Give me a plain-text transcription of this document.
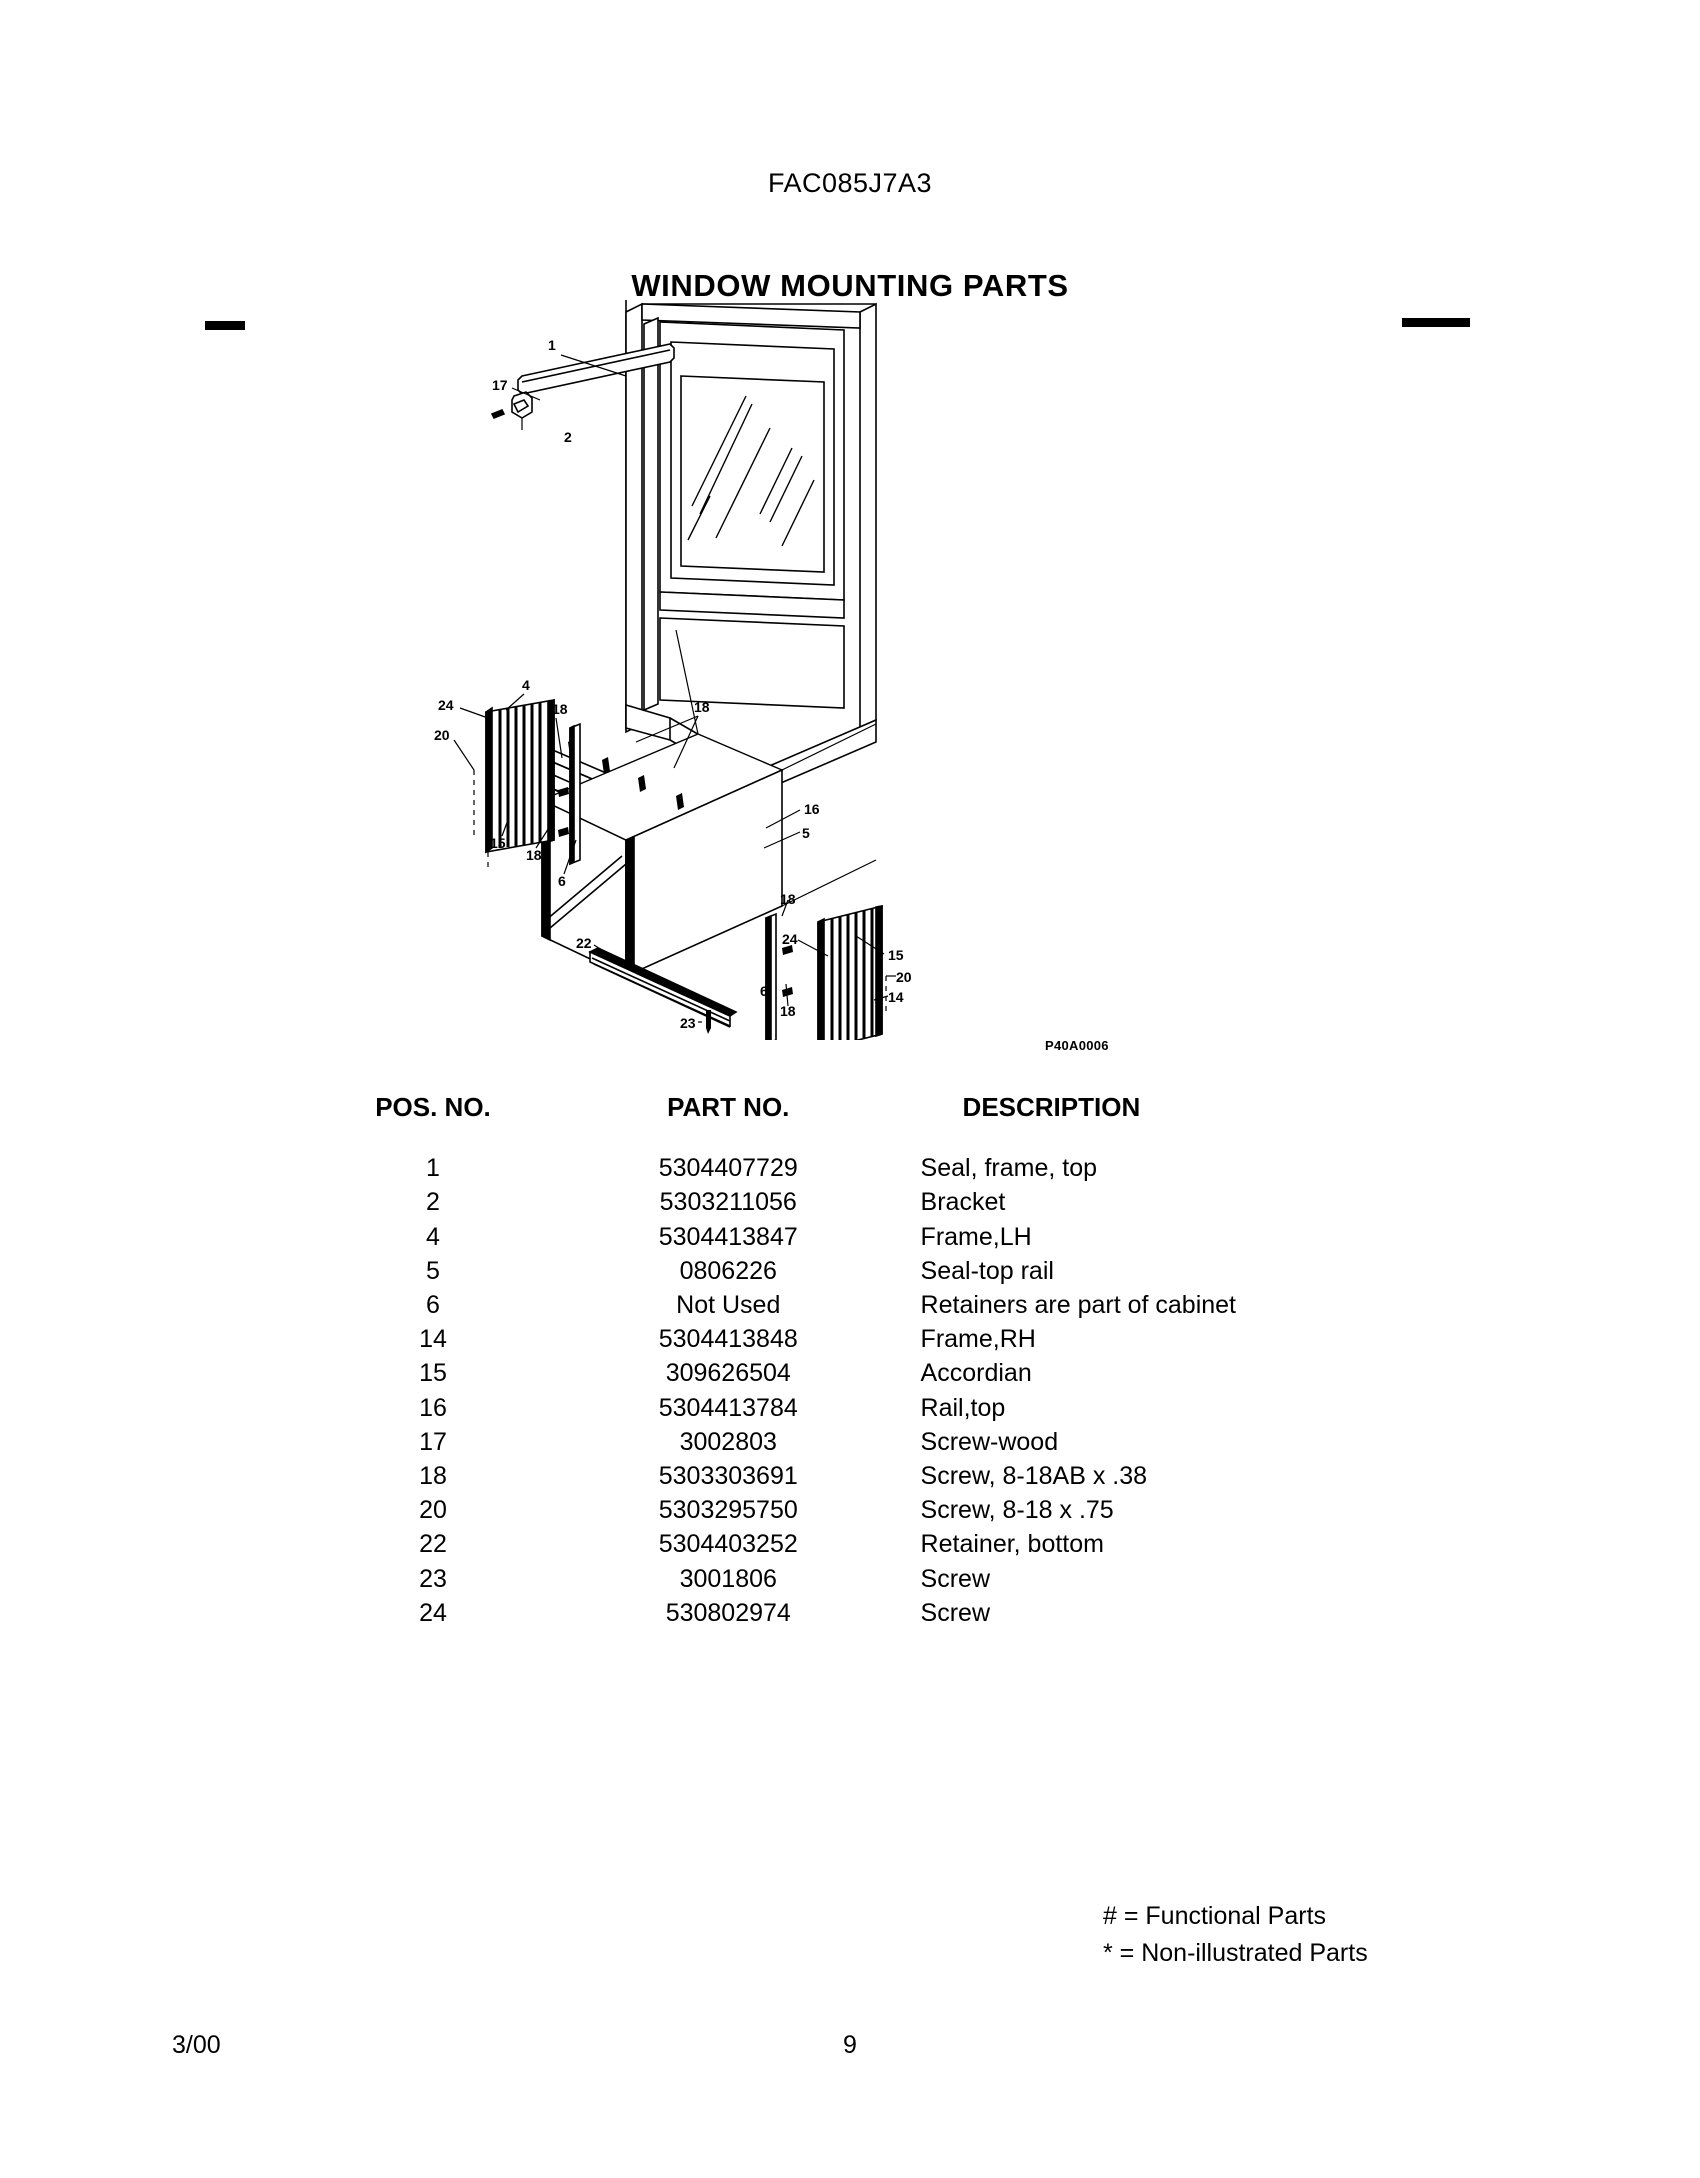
FAC085J7A3
WINDOW MOUNTING PARTS
1
17
2
24
4
20
18
15
18
6
18
16
5
18
22
23
6
18
24
15
20
14
P40A0006
POS. NO.	PART NO.	DESCRIPTION
1	5304407729	Seal, frame, top
2	5303211056	Bracket
4	5304413847	Frame,LH
5	0806226	Seal-top rail
6	Not Used	Retainers are part of cabinet
14	5304413848	Frame,RH
15	309626504	Accordian
16	5304413784	Rail,top
17	3002803	Screw-wood
18	5303303691	Screw, 8-18AB x .38
20	5303295750	Screw, 8-18 x .75
22	5304403252	Retainer, bottom
23	3001806	Screw
24	530802974	Screw
# = Functional Parts
* = Non-illustrated Parts
3/00	9
